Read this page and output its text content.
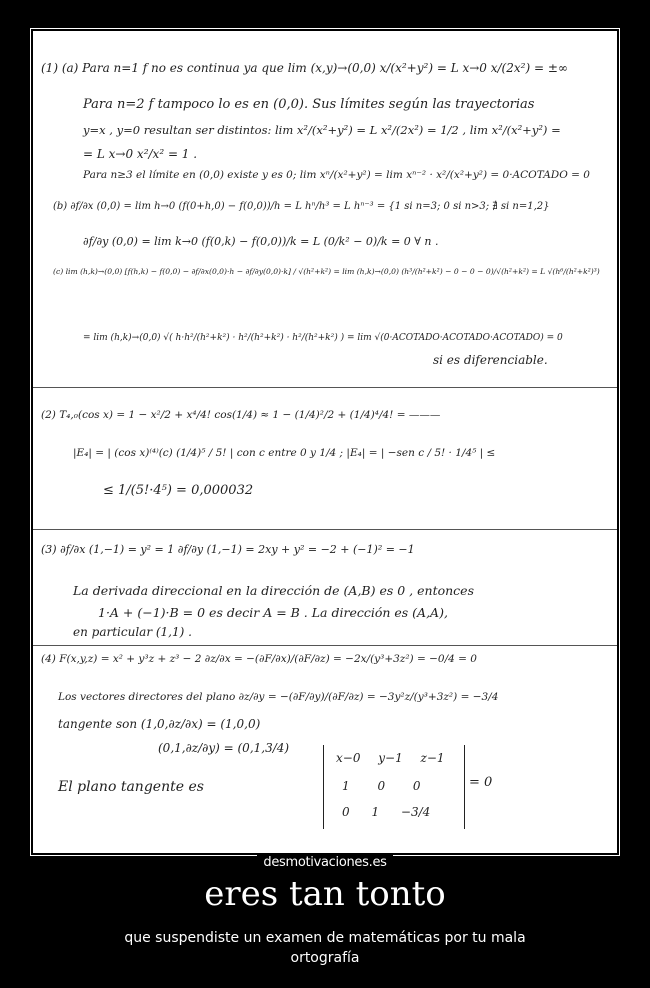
(1) (a) Para n=1 f no es continua ya que lim (x,y)→(0,0) x/(x²+y²) = L x→0 x/(2x²) = ±∞
Para n=2 f tampoco lo es en (0,0). Sus límites según las trayectorias
y=x , y=0 resultan ser distintos: lim x²/(x²+y²) = L x²/(2x²) = 1/2 , lim x²/(x²+y²) =
= L x→0 x²/x² = 1 .
Para n≥3 el límite en (0,0) existe y es 0; lim xⁿ/(x²+y²) = lim xⁿ⁻² · x²/(x²+y²) = 0·ACOTADO = 0
(b) ∂f/∂x (0,0) = lim h→0 (f(0+h,0) − f(0,0))/h = L hⁿ/h³ = L hⁿ⁻³ = {1 si n=3; 0 si n>3; ∄ si n=1,2}
∂f/∂y (0,0) = lim k→0 (f(0,k) − f(0,0))/k = L (0/k² − 0)/k = 0 ∀ n .
(c) lim (h,k)→(0,0) [f(h,k) − f(0,0) − ∂f/∂x(0,0)·h − ∂f/∂y(0,0)·k] / √(h²+k²) = lim (h,k)→(0,0) (h³/(h²+k²) − 0 − 0 − 0)/√(h²+k²) = L √(h⁶/(h²+k²)³)
= lim (h,k)→(0,0) √( h·h²/(h²+k²) · h²/(h²+k²) · h²/(h²+k²) ) = lim √(0·ACOTADO·ACOTADO·ACOTADO) = 0
si es diferenciable.
(2) T₄,₀(cos x) = 1 − x²/2 + x⁴/4! cos(1/4) ≈ 1 − (1/4)²/2 + (1/4)⁴/4! = ———
|E₄| = | (cos x)⁽⁴⁾(c) (1/4)⁵ / 5! | con c entre 0 y 1/4 ; |E₄| = | −sen c / 5! · 1/4⁵ | ≤
≤ 1/(5!·4⁵) = 0,000032
(3) ∂f/∂x (1,−1) = y² = 1 ∂f/∂y (1,−1) = 2xy + y² = −2 + (−1)² = −1
La derivada direccional en la dirección de (A,B) es 0 , entonces
1·A + (−1)·B = 0 es decir A = B . La dirección es (A,A),
en particular (1,1) .
(4) F(x,y,z) = x² + y³z + z³ − 2 ∂z/∂x = −(∂F/∂x)/(∂F/∂z) = −2x/(y³+3z²) = −0/4 = 0
Los vectores directores del plano ∂z/∂y = −(∂F/∂y)/(∂F/∂z) = −3y²z/(y³+3z²) = −3/4
tangente son (1,0,∂z/∂x) = (1,0,0)
(0,1,∂z/∂y) = (0,1,3/4)
El plano tangente es
x−0 y−1 z−1
1 0 0
0 1 −3/4
= 0
desmotivaciones.es
eres tan tonto
que suspendiste un examen de matemáticas por tu mala ortografía
